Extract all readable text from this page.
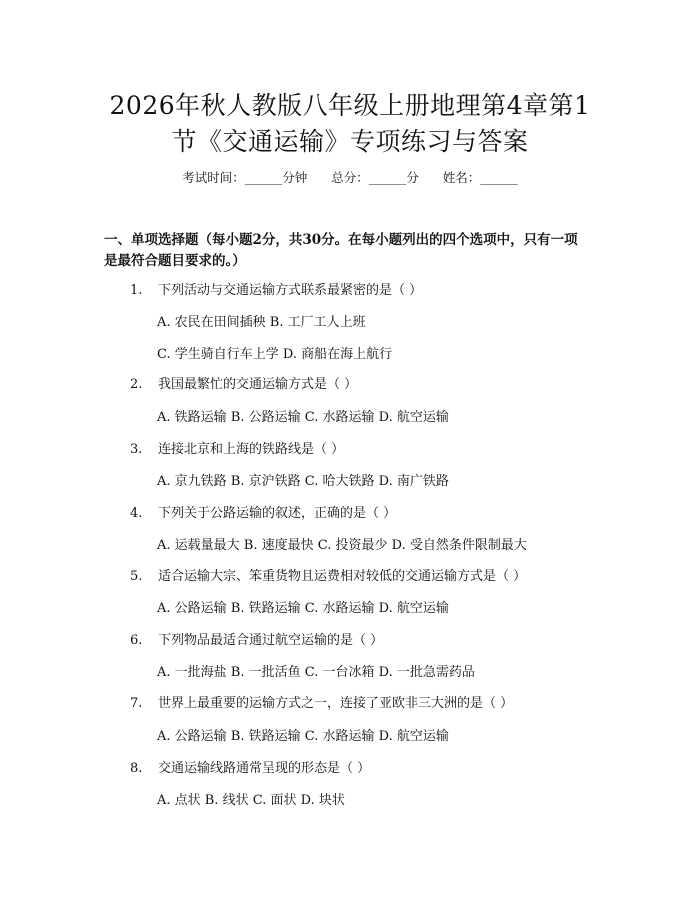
2026年秋人教版八年级上册地理第4章第1
节《交通运输》专项练习与答案
考试时间：______分钟 总分：______分 姓名：______
一、单项选择题（每小题2分，共30分。在每小题列出的四个选项中，只有一项
是最符合题目要求的。）
1. 下列活动与交通运输方式联系最紧密的是（ ）
A. 农民在田间插秧 B. 工厂工人上班
C. 学生骑自行车上学 D. 商船在海上航行
2. 我国最繁忙的交通运输方式是（ ）
A. 铁路运输 B. 公路运输 C. 水路运输 D. 航空运输
3. 连接北京和上海的铁路线是（ ）
A. 京九铁路 B. 京沪铁路 C. 哈大铁路 D. 南广铁路
4. 下列关于公路运输的叙述，正确的是（ ）
A. 运载量最大 B. 速度最快 C. 投资最少 D. 受自然条件限制最大
5. 适合运输大宗、笨重货物且运费相对较低的交通运输方式是（ ）
A. 公路运输 B. 铁路运输 C. 水路运输 D. 航空运输
6. 下列物品最适合通过航空运输的是（ ）
A. 一批海盐 B. 一批活鱼 C. 一台冰箱 D. 一批急需药品
7. 世界上最重要的运输方式之一，连接了亚欧非三大洲的是（ ）
A. 公路运输 B. 铁路运输 C. 水路运输 D. 航空运输
8. 交通运输线路通常呈现的形态是（ ）
A. 点状 B. 线状 C. 面状 D. 块状
